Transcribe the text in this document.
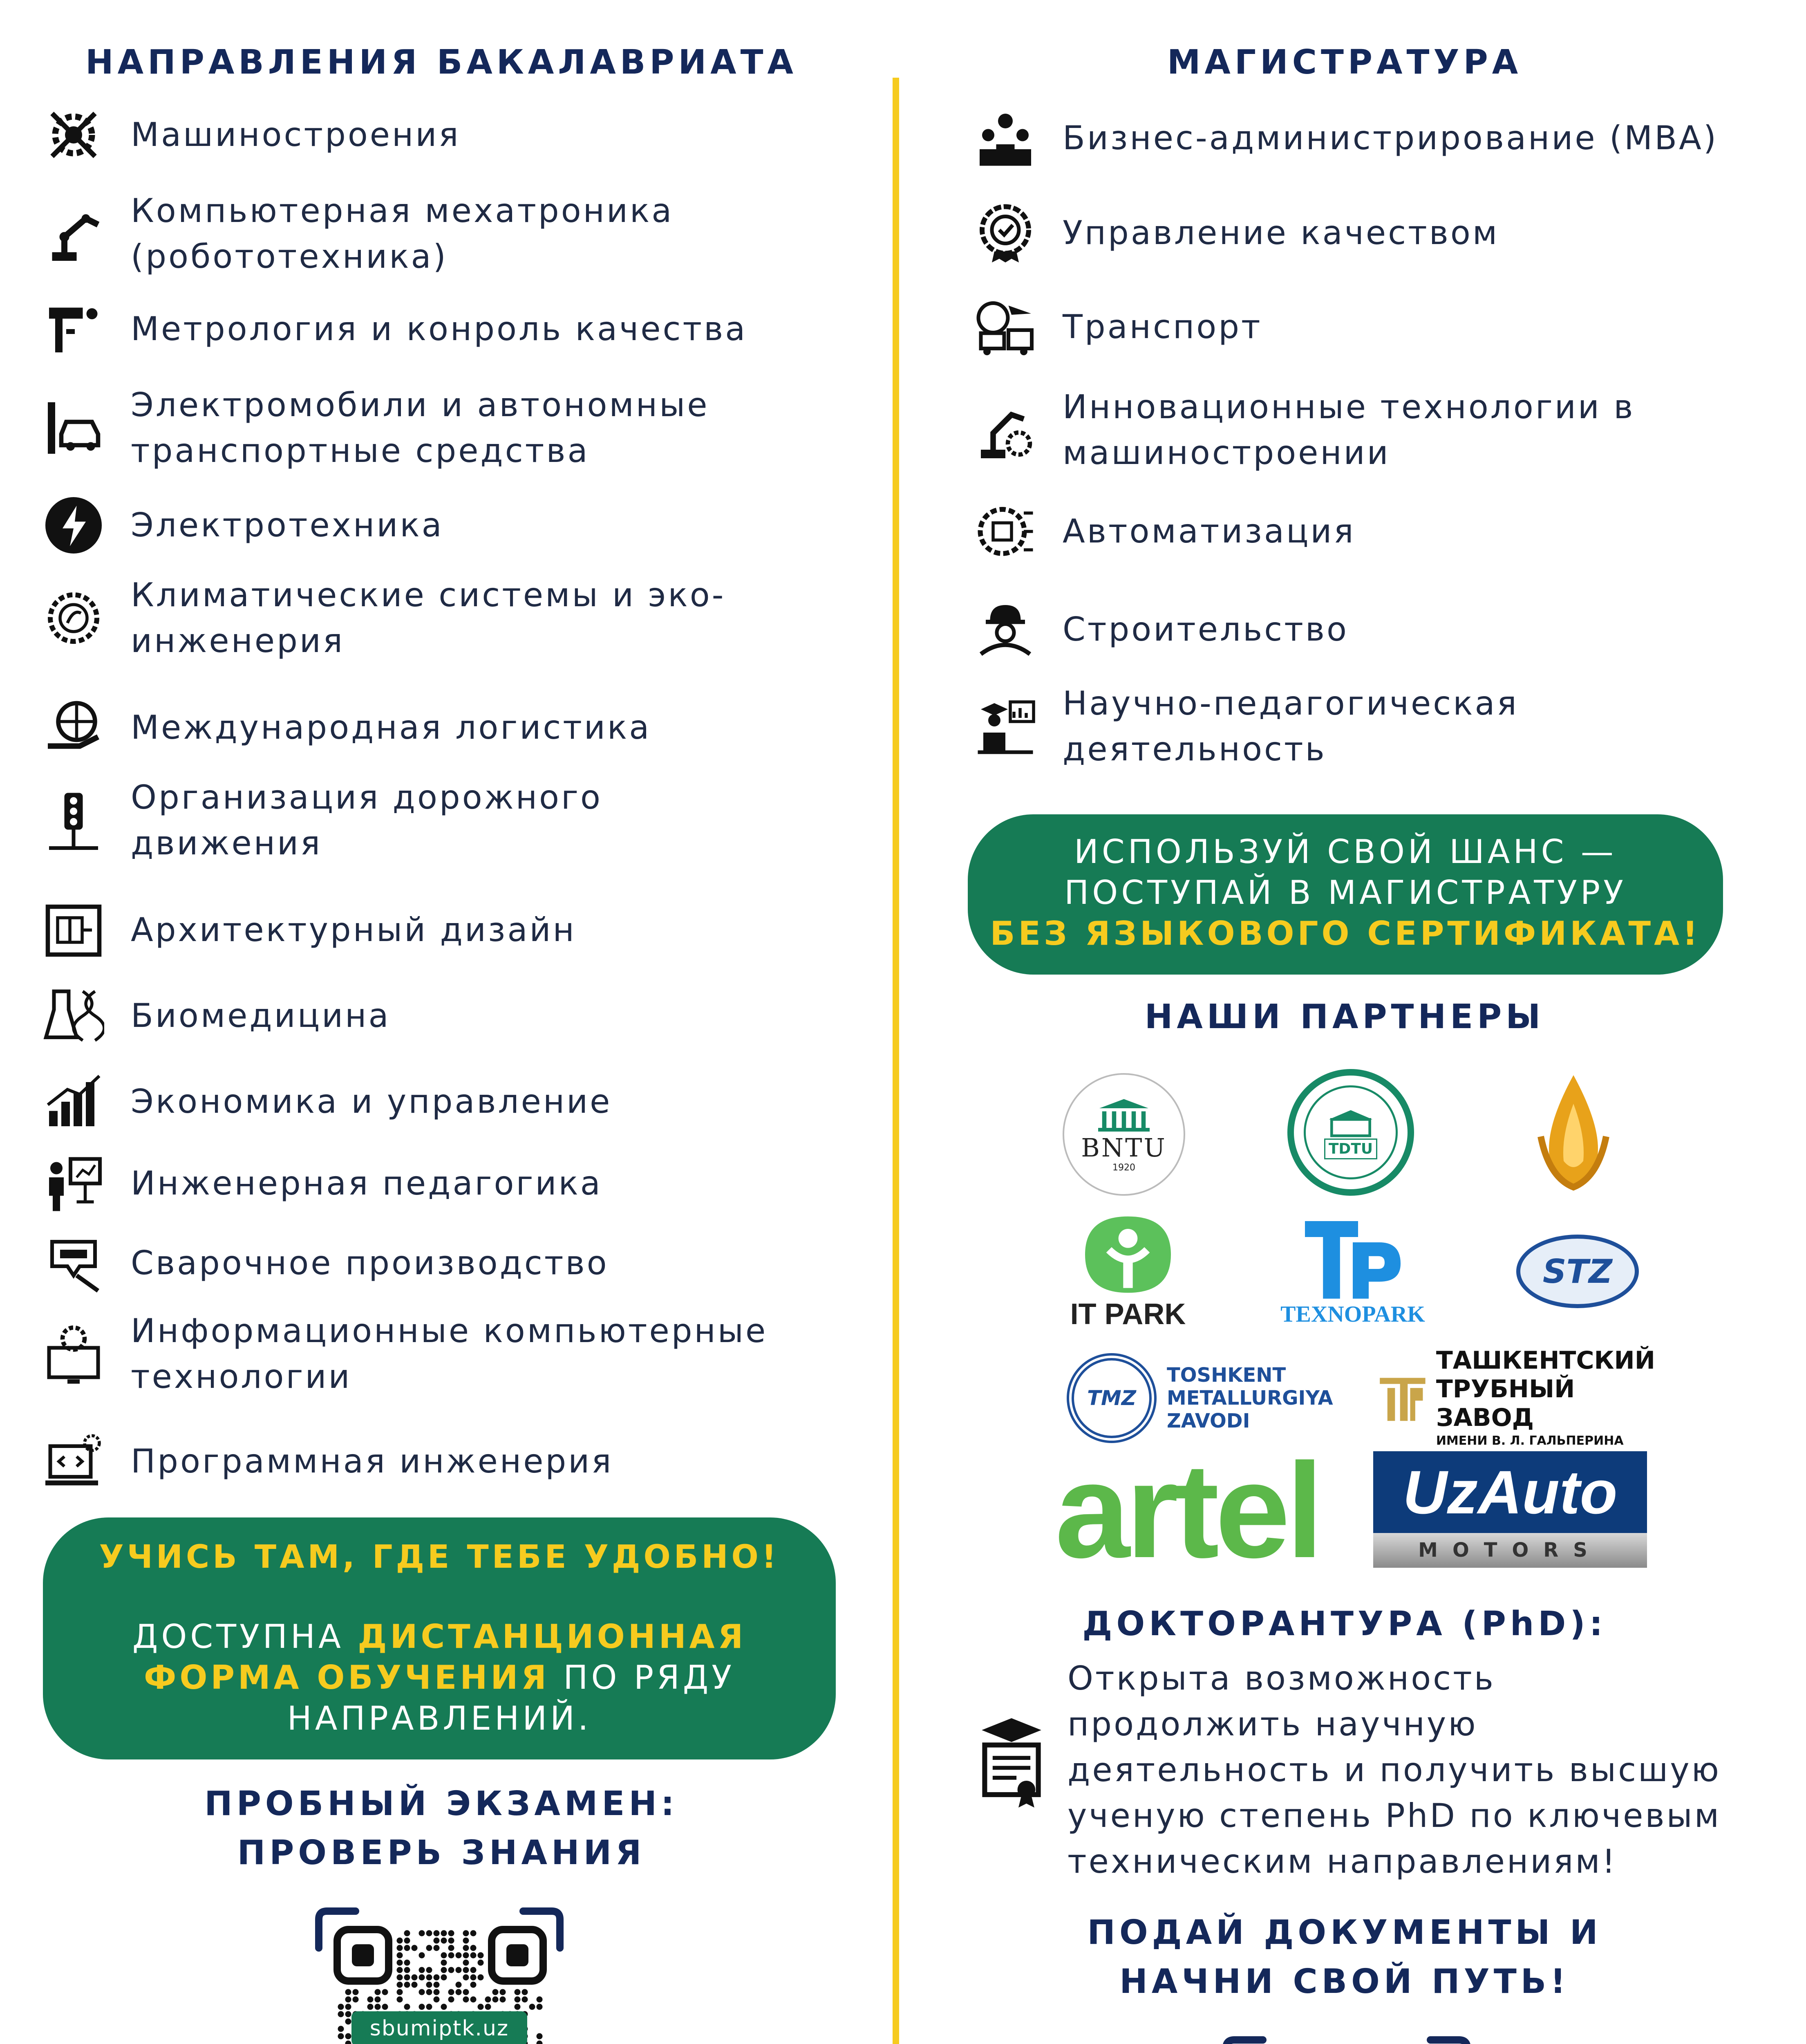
НАПРАВЛЕНИЯ БАКАЛАВРИАТА
Машиностроения
Компьютерная мехатроника
(робототехника)
Метрология и конроль качества
Электромобили и автономные
транспортные средства
Электротехника
Климатические системы и эко-
инженерия
Международная логистика
Организация дорожного
движения
Архитектурный дизайн
Биомедицина
Экономика и управление
Инженерная педагогика
Сварочное производство
Информационные компьютерные
технологии
Программная инженерия
УЧИСЬ ТАМ, ГДЕ ТЕБЕ УДОБНО!
ДОСТУПНА ДИСТАНЦИОННАЯ
ФОРМА ОБУЧЕНИЯ ПО РЯДУ
НАПРАВЛЕНИЙ.
ПРОБНЫЙ ЭКЗАМЕН:
ПРОВЕРЬ ЗНАНИЯ
sbumiptk.uz
МАГИСТРАТУРА
Бизнес-администрирование (MBA)
Управление качеством
Транспорт
Инновационные технологии в
машиностроении
Автоматизация
Строительство
Научно-педагогическая
деятельность
ИСПОЛЬЗУЙ СВОЙ ШАНС —
ПОСТУПАЙ В МАГИСТРАТУРУ
БЕЗ ЯЗЫКОВОГО СЕРТИФИКАТА!
НАШИ ПАРТНЕРЫ
BNTU
1920
TDTU
IT PARK	TEXNOPARK
STZ
TMZ
TOSHKENT
METALLURGIYA
ZAVODI
ТАШКЕНТСКИЙ
ТРУБНЫЙ ЗАВОД
ИМЕНИ В. Л. ГАЛЬПЕРИНА
artel UzAuto
MOTORS
ДОКТОРАНТУРА (PhD):
Открыта возможность
продолжить научную
деятельность и получить высшую
ученую степень PhD по ключевым
техническим направлениям!
ПОДАЙ ДОКУМЕНТЫ И
НАЧНИ СВОЙ ПУТЬ!
